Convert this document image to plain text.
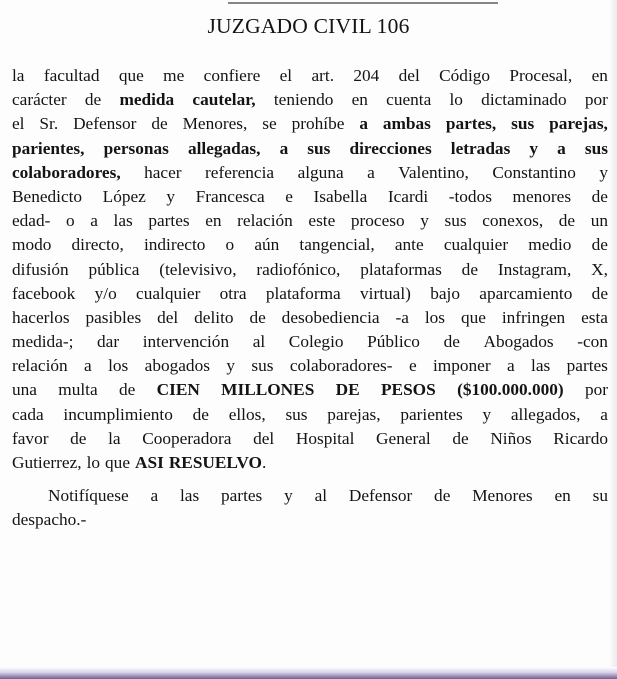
JUZGADO CIVIL 106
la facultad que me confiere el art. 204 del Código Procesal, en
carácter de medida cautelar, teniendo en cuenta lo dictaminado por
el Sr. Defensor de Menores, se prohíbe a ambas partes, sus parejas,
parientes, personas allegadas, a sus direcciones letradas y a sus
colaboradores, hacer referencia alguna a Valentino, Constantino y
Benedicto López y Francesca e Isabella Icardi -todos menores de
edad- o a las partes en relación este proceso y sus conexos, de un
modo directo, indirecto o aún tangencial, ante cualquier medio de
difusión pública (televisivo, radiofónico, plataformas de Instagram, X,
facebook y/o cualquier otra plataforma virtual) bajo aparcamiento de
hacerlos pasibles del delito de desobediencia -a los que infringen esta
medida-; dar intervención al Colegio Público de Abogados -con
relación a los abogados y sus colaboradores- e imponer a las partes
una multa de CIEN MILLONES DE PESOS ($100.000.000) por
cada incumplimiento de ellos, sus parejas, parientes y allegados, a
favor de la Cooperadora del Hospital General de Niños Ricardo
Gutierrez, lo que ASI RESUELVO .
Notifíquese a las partes y al Defensor de Menores en su
despacho.-
